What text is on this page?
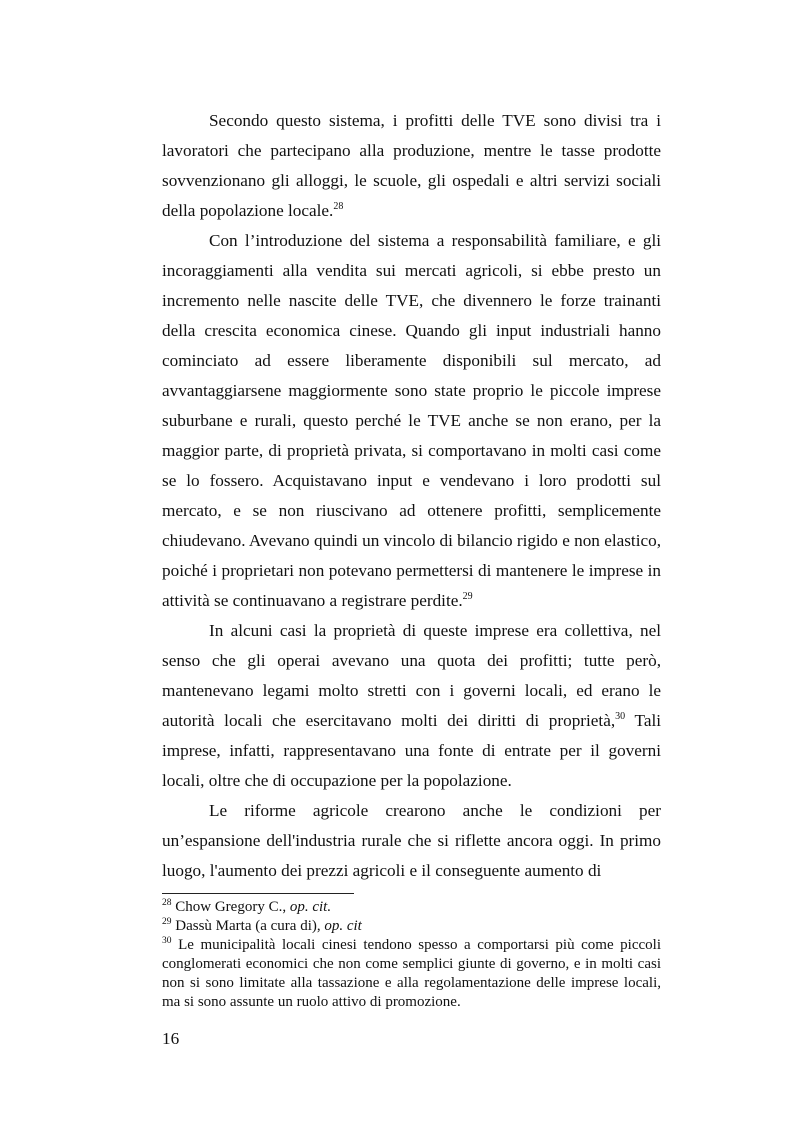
Secondo questo sistema, i profitti delle TVE sono divisi tra i lavoratori che partecipano alla produzione, mentre le tasse prodotte sovvenzionano gli alloggi, le scuole, gli ospedali e altri servizi sociali della popolazione locale.$^{28}$

Con l’introduzione del sistema a responsabilità familiare, e gli incoraggiamenti alla vendita sui mercati agricoli, si ebbe presto un incremento nelle nascite delle TVE, che divennero le forze trainanti della crescita economica cinese. Quando gli input industriali hanno cominciato ad essere liberamente disponibili sul mercato, ad avvantaggiarsene maggiormente sono state proprio le piccole imprese suburbane e rurali, questo perché le TVE anche se non erano, per la maggior parte, di proprietà privata, si comportavano in molti casi come se lo fossero. Acquistavano input e vendevano i loro prodotti sul mercato, e se non riuscivano ad ottenere profitti, semplicemente chiudevano. Avevano quindi un vincolo di bilancio rigido e non elastico, poiché i proprietari non potevano permettersi di mantenere le imprese in attività se continuavano a registrare perdite.$^{29}$

In alcuni casi la proprietà di queste imprese era collettiva, nel senso che gli operai avevano una quota dei profitti; tutte però, mantenevano legami molto stretti con i governi locali, ed erano le autorità locali che esercitavano molti dei diritti di proprietà,$^{30}$ Tali imprese, infatti, rappresentavano una fonte di entrate per il governi locali, oltre che di occupazione per la popolazione.

Le riforme agricole crearono anche le condizioni per un’espansione dell'industria rurale che si riflette ancora oggi. In primo luogo, l'aumento dei prezzi agricoli e il conseguente aumento di

$^{28}$ Chow Gregory C., op. cit.

$^{29}$ Dassù Marta (a cura di), op. cit

$^{30}$ Le municipalità locali cinesi tendono spesso a comportarsi più come piccoli conglomerati economici che non come semplici giunte di governo, e in molti casi non si sono limitate alla tassazione e alla regolamentazione delle imprese locali, ma si sono assunte un ruolo attivo di promozione.

16
